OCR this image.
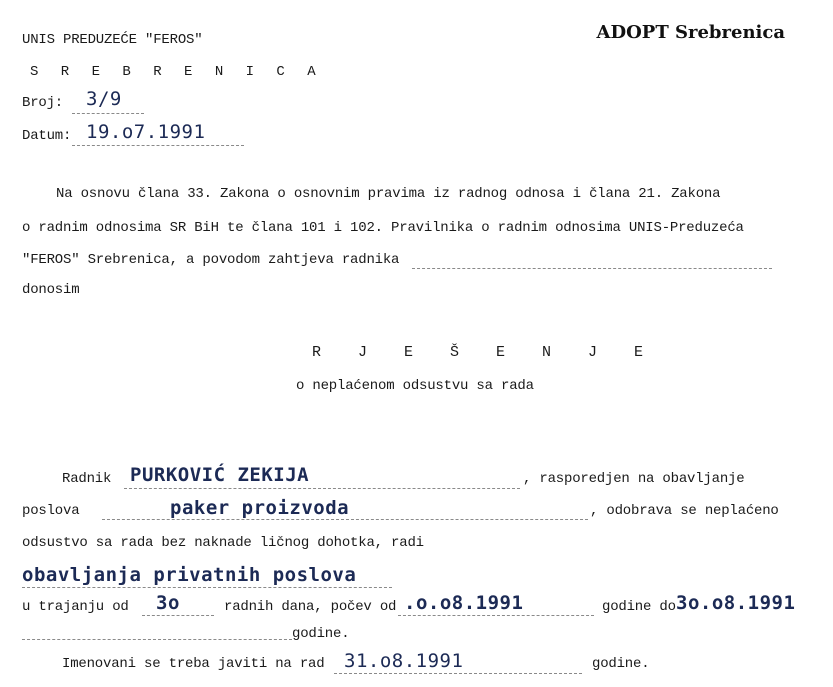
ADOPT Srebrenica
UNIS PREDUZEĆE "FEROS"
S R E B R E N I C A
Broj: 3/9
Datum: 19.o7.1991
Na osnovu člana 33. Zakona o osnovnim pravima iz radnog odnosa i člana 21. Zakona
o radnim odnosima SR BiH te člana 101 i 102. Pravilnika o radnim odnosima UNIS-Preduzeća
"FEROS" Srebrenica, a povodom zahtjeva radnika
donosim
R J E Š E N J E
o neplaćenom odsustvu sa rada
Radnik PURKOVIĆ ZEKIJA	, rasporedjen na obavljanje
poslova	paker proizvoda	, odobrava se neplaćeno
odsustvo sa rada bez naknade ličnog dohotka, radi
obavljanja privatnih poslova
u trajanju od 3o	radnih dana, počev od .o.o8.1991	godine do 3o.o8.1991
godine.
Imenovani se treba javiti na rad 31.o8.1991	godine.
